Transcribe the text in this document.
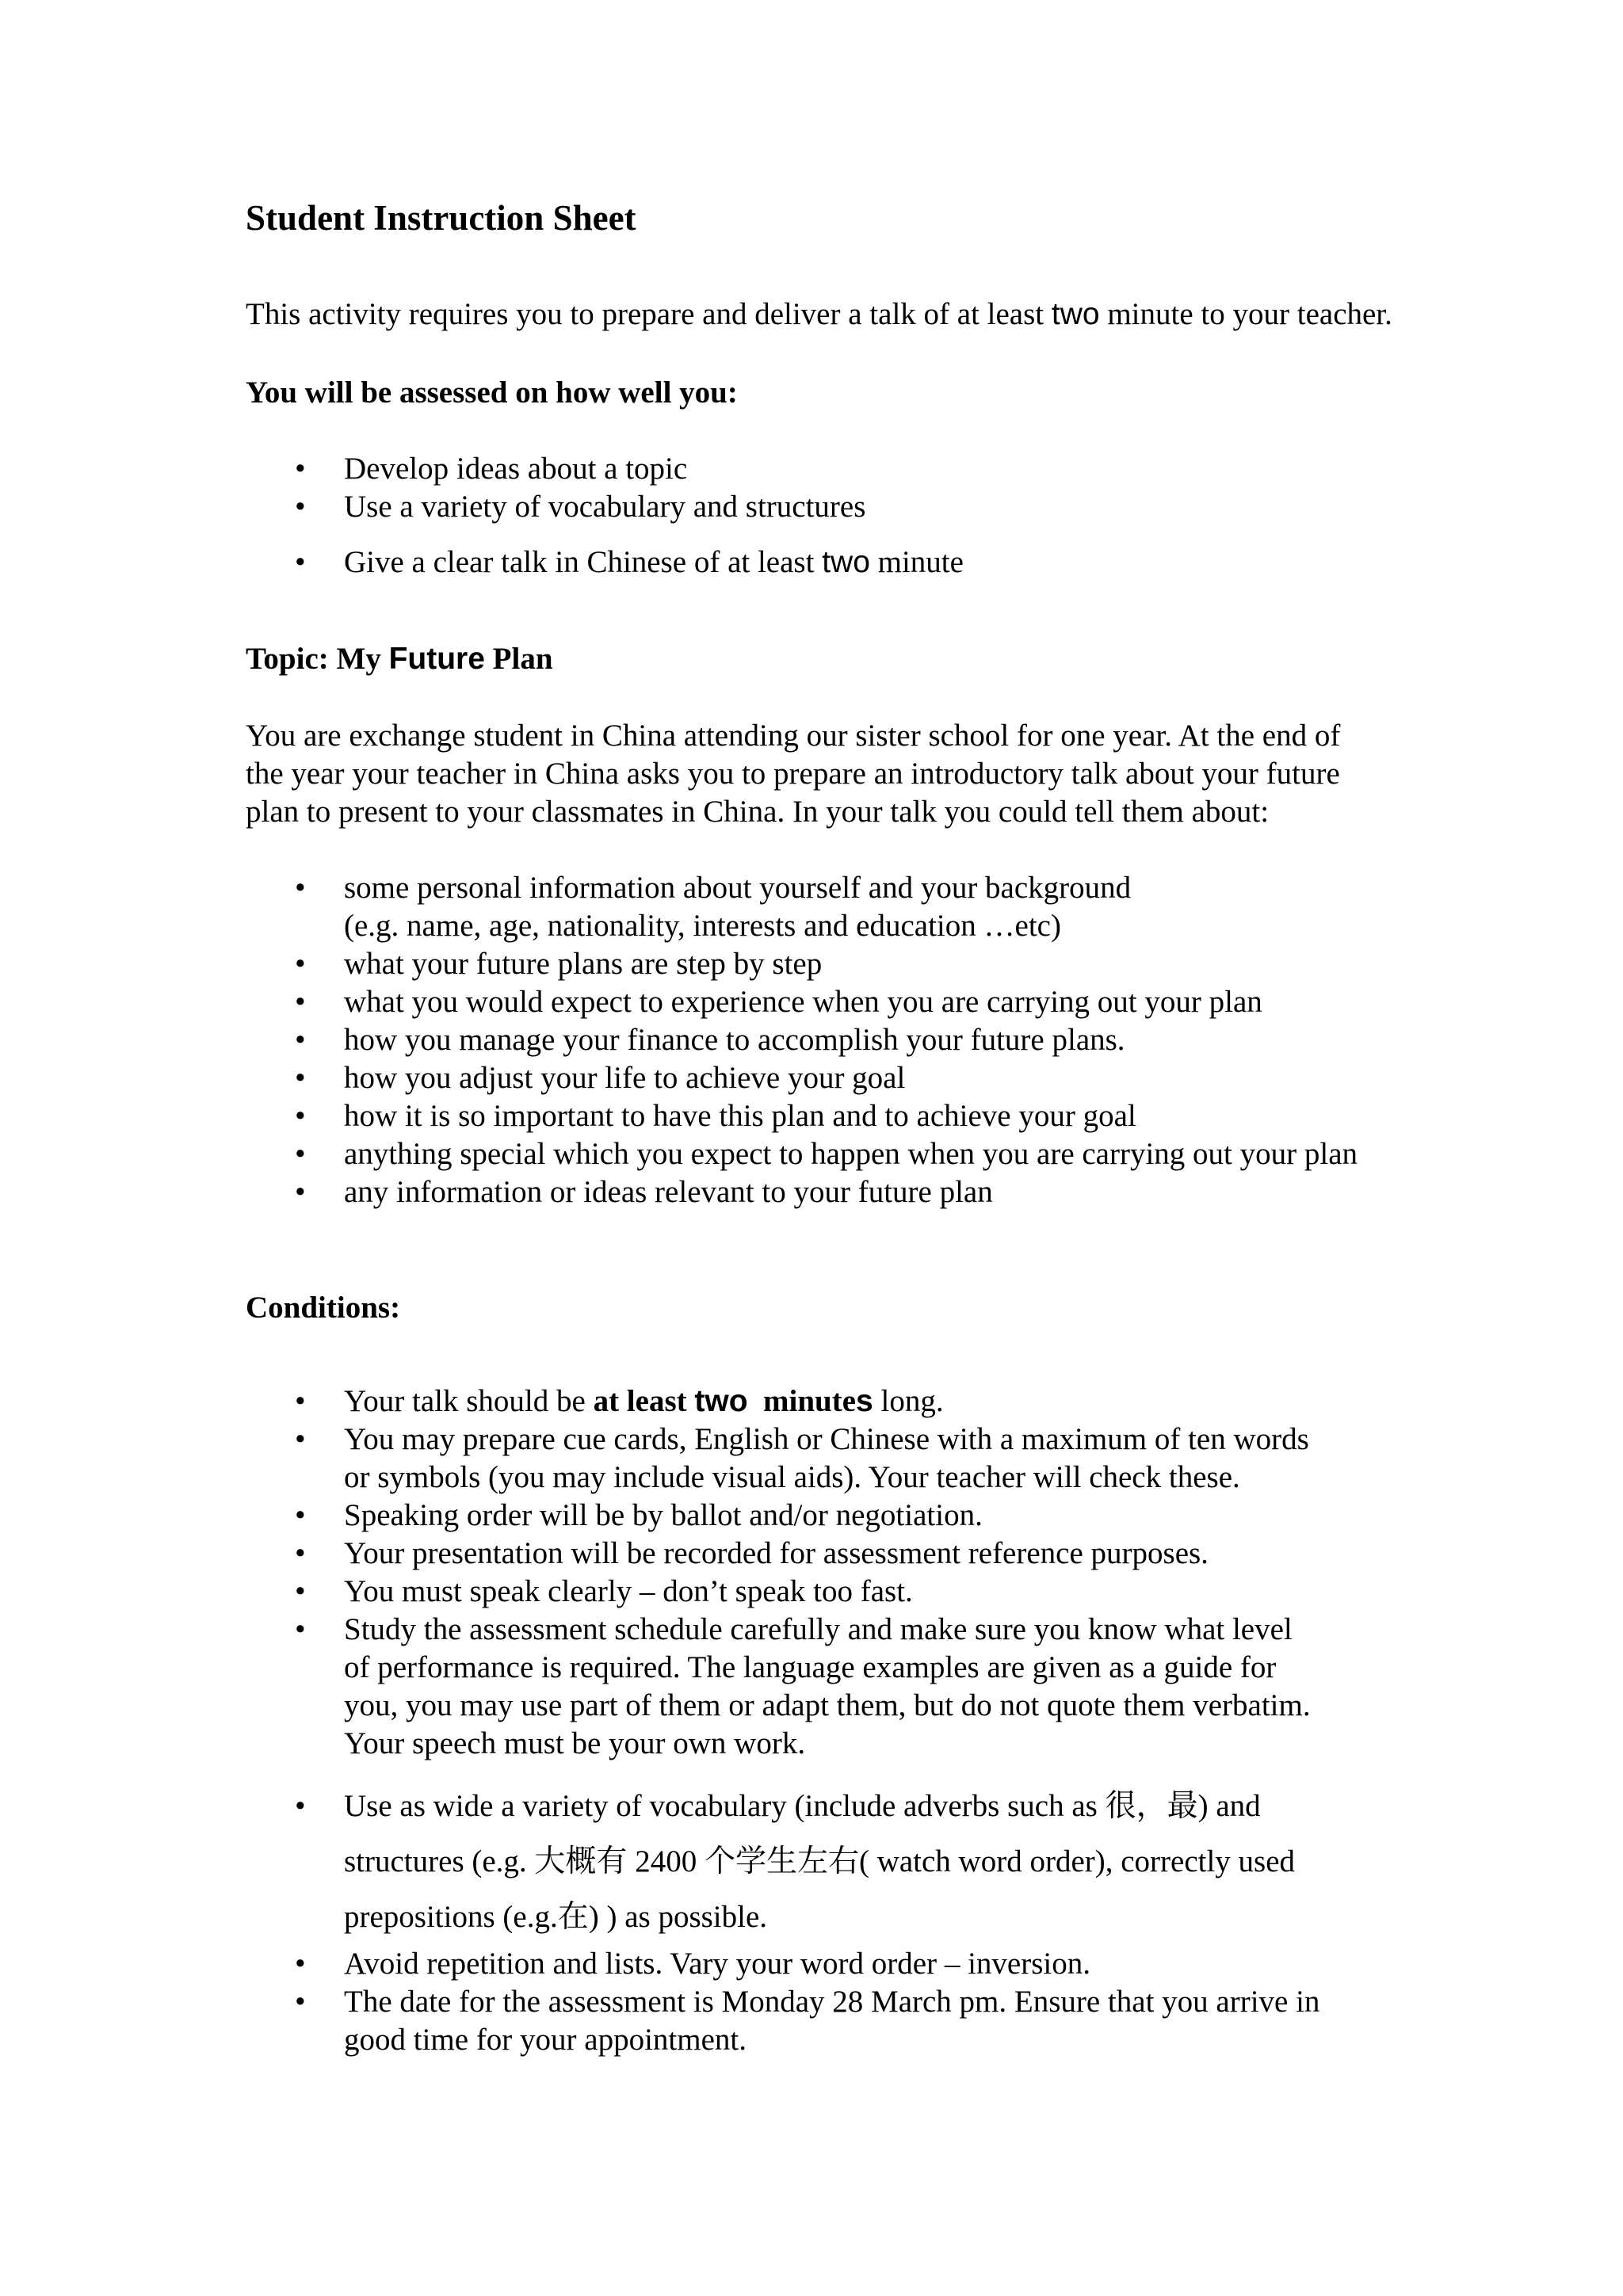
Student Instruction Sheet

This activity requires you to prepare and deliver a talk of at least two minute to your teacher.

You will be assessed on how well you:

• Develop ideas about a topic
• Use a variety of vocabulary and structures
• Give a clear talk in Chinese of at least two minute

Topic: My Future Plan

You are exchange student in China attending our sister school for one year. At the end of
the year your teacher in China asks you to prepare an introductory talk about your future
plan to present to your classmates in China. In your talk you could tell them about:

• some personal information about yourself and your background
(e.g. name, age, nationality, interests and education …etc)
• what your future plans are step by step
• what you would expect to experience when you are carrying out your plan
• how you manage your finance to accomplish your future plans.
• how you adjust your life to achieve your goal
• how it is so important to have this plan and to achieve your goal
• anything special which you expect to happen when you are carrying out your plan
• any information or ideas relevant to your future plan

Conditions:

• Your talk should be at least two  minutes long.
• You may prepare cue cards, English or Chinese with a maximum of ten words
or symbols (you may include visual aids). Your teacher will check these.
• Speaking order will be by ballot and/or negotiation.
• Your presentation will be recorded for assessment reference purposes.
• You must speak clearly – don’t speak too fast.
• Study the assessment schedule carefully and make sure you know what level
of performance is required. The language examples are given as a guide for
you, you may use part of them or adapt them, but do not quote them verbatim.
Your speech must be your own work.
• Use as wide a variety of vocabulary (include adverbs such as 很，最) and
structures (e.g. 大概有 2400 个学生左右( watch word order), correctly used
prepositions (e.g.在) ) as possible.
• Avoid repetition and lists. Vary your word order – inversion.
• The date for the assessment is Monday 28 March pm. Ensure that you arrive in
good time for your appointment.
